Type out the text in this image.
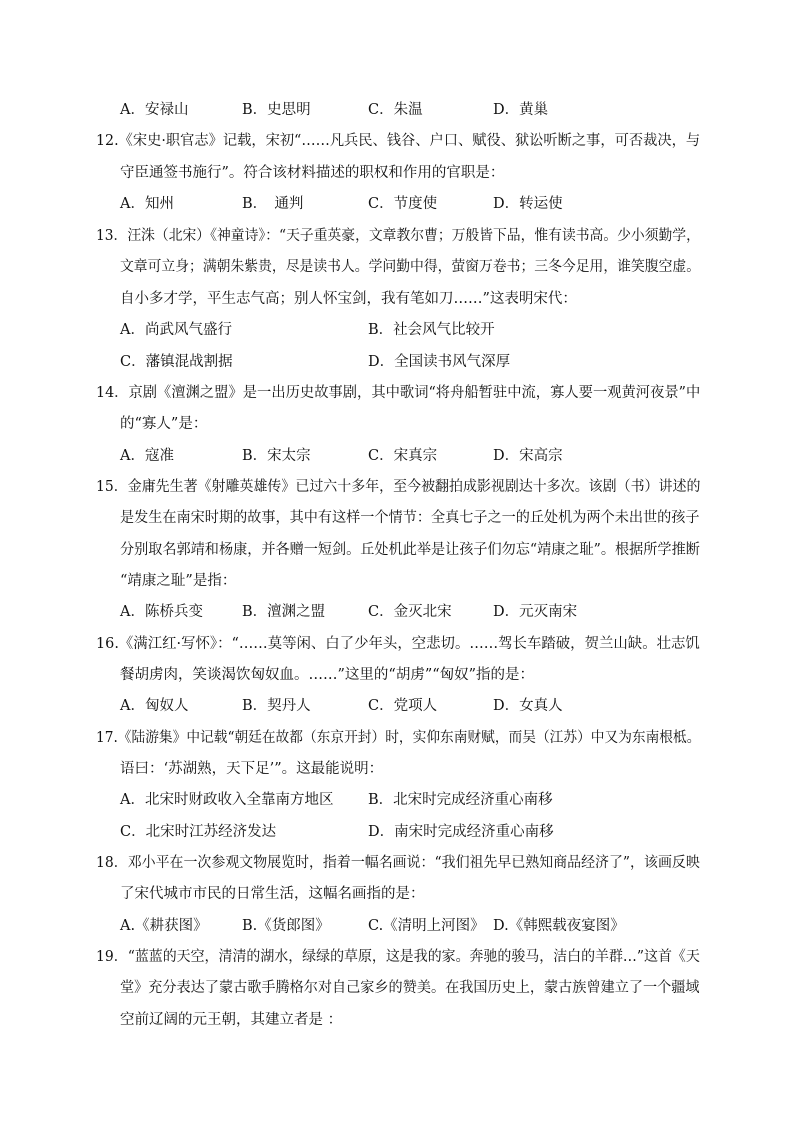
A．安禄山	B．史思明	C．朱温	D．黄巢
12.《宋史·职官志》记载，宋初“……凡兵民、钱谷、户口、赋役、狱讼听断之事，可否裁决，与
守臣通签书施行”。符合该材料描述的职权和作用的官职是：
A．知州	B．　通判	C．节度使	D．转运使
13．汪洙（北宋）《神童诗》：“天子重英豪，文章教尔曹；万般皆下品，惟有读书高。少小须勤学，
文章可立身；满朝朱紫贵，尽是读书人。学问勤中得，萤窗万卷书；三冬今足用，谁笑腹空虚。
自小多才学，平生志气高；别人怀宝剑，我有笔如刀……”这表明宋代：
A．尚武风气盛行	B．社会风气比较开
C．藩镇混战割据	D．全国读书风气深厚
14．京剧《澶渊之盟》是一出历史故事剧，其中歌词“将舟船暂驻中流，寡人要一观黄河夜景”中
的“寡人”是：
A．寇准	B．宋太宗	C．宋真宗	D．宋高宗
15．金庸先生著《射雕英雄传》已过六十多年，至今被翻拍成影视剧达十多次。该剧（书）讲述的
是发生在南宋时期的故事，其中有这样一个情节：全真七子之一的丘处机为两个未出世的孩子
分别取名郭靖和杨康，并各赠一短剑。丘处机此举是让孩子们勿忘“靖康之耻”。根据所学推断
“靖康之耻”是指：
A．陈桥兵变	B．澶渊之盟	C．金灭北宋	D．元灭南宋
16.《满江红·写怀》：“……莫等闲、白了少年头，空悲切。……驾长车踏破，贺兰山缺。壮志饥
餐胡虏肉，笑谈渴饮匈奴血。……”这里的“胡虏”“匈奴”指的是：
A．匈奴人	B．契丹人	C．党项人	D．女真人
17.《陆游集》中记载“朝廷在故都（东京开封）时，实仰东南财赋，而吴（江苏）中又为东南根柢。
语曰：‘苏湖熟，天下足’”。这最能说明：
A．北宋时财政收入全靠南方地区 B．北宋时完成经济重心南移
C．北宋时江苏经济发达	D．南宋时完成经济重心南移
18．邓小平在一次参观文物展览时，指着一幅名画说：“我们祖先早已熟知商品经济了”，该画反映
了宋代城市市民的日常生活，这幅名画指的是：
A.《耕获图》 B.《货郎图》	C.《清明上河图》 D.《韩熙载夜宴图》
19．“蓝蓝的天空，清清的湖水，绿绿的草原，这是我的家。奔驰的骏马，洁白的羊群…”这首《天
堂》充分表达了蒙古歌手腾格尔对自己家乡的赞美。在我国历史上，蒙古族曾建立了一个疆域
空前辽阔的元王朝，其建立者是 ：
